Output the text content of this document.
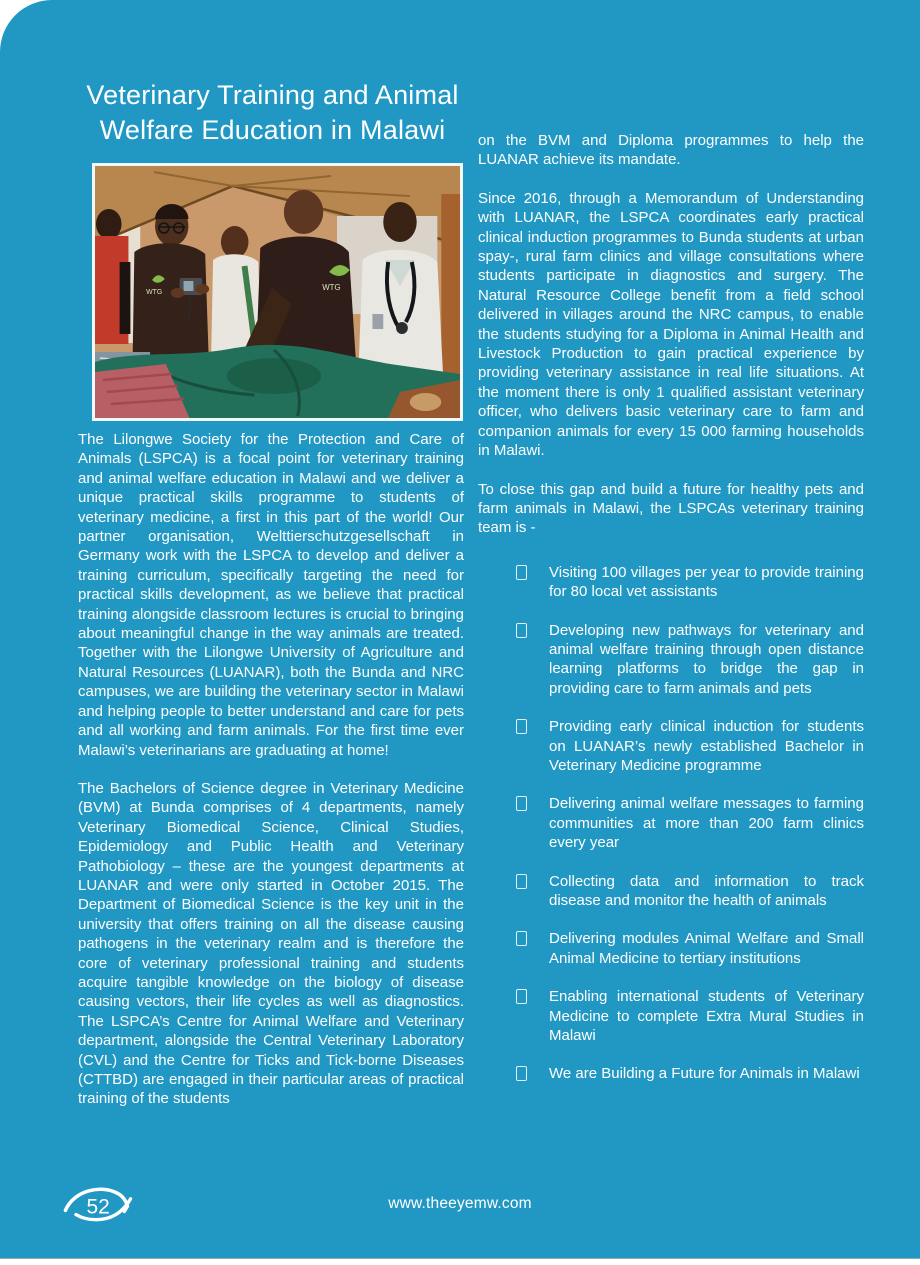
Veterinary Training and Animal
Welfare Education in Malawi
WTG
WTG

The Lilongwe Society for the Protection and Care of Animals (LSPCA) is a focal point for veterinary training and animal welfare education in Malawi and we deliver a unique practical skills programme to students of veterinary medicine, a first in this part of the world! Our partner organisation, Welttierschutzgesellschaft in Germany work with the LSPCA to develop and deliver a training curriculum, specifically targeting the need for practical skills development, as we believe that practical training alongside classroom lectures is crucial to bringing about meaningful change in the way animals are treated. Together with the Lilongwe University of Agriculture and Natural Resources (LUANAR), both the Bunda and NRC campuses, we are building the veterinary sector in Malawi and helping people to better understand and care for pets and all working and farm animals. For the first time ever Malawi’s veterinarians are graduating at home!

The Bachelors of Science degree in Veterinary Medicine (BVM) at Bunda comprises of 4 departments, namely Veterinary Biomedical Science, Clinical Studies, Epidemiology and Public Health and Veterinary Pathobiology – these are the youngest departments at LUANAR and were only started in October 2015. The Department of Biomedical Science is the key unit in the university that offers training on all the disease causing pathogens in the veterinary realm and is therefore the core of veterinary professional training and students acquire tangible knowledge on the biology of disease causing vectors, their life cycles as well as diagnostics. The LSPCA’s Centre for Animal Welfare and Veterinary department, alongside the Central Veterinary Laboratory (CVL) and the Centre for Ticks and Tick-borne Diseases (CTTBD) are engaged in their particular areas of practical training of the students

on the BVM and Diploma programmes to help the LUANAR achieve its mandate.

Since 2016, through a Memorandum of Understanding with LUANAR, the LSPCA coordinates early practical clinical induction programmes to Bunda students at urban spay-, rural farm clinics and village consultations where students participate in diagnostics and surgery. The Natural Resource College benefit from a field school delivered in villages around the NRC campus, to enable the students studying for a Diploma in Animal Health and Livestock Production to gain practical experience by providing veterinary assistance in real life situations. At the moment there is only 1 qualified assistant veterinary officer, who delivers basic veterinary care to farm and companion animals for every 15 000 farming households in Malawi.

To close this gap and build a future for healthy pets and farm animals in Malawi, the LSPCAs veterinary training team is -

Visiting 100 villages per year to provide training for 80 local vet assistants
Developing new pathways for veterinary and animal welfare training through open distance learning platforms to bridge the gap in providing care to farm animals and pets
Providing early clinical induction for students on LUANAR’s newly established Bachelor in Veterinary Medicine programme
Delivering animal welfare messages to farming communities at more than 200 farm clinics every year
Collecting data and information to track disease and monitor the health of animals
Delivering modules Animal Welfare and Small Animal Medicine to tertiary institutions
Enabling international students of Veterinary Medicine to complete Extra Mural Studies in Malawi
We are Building a Future for Animals in Malawi
52	www.theeyemw.com
